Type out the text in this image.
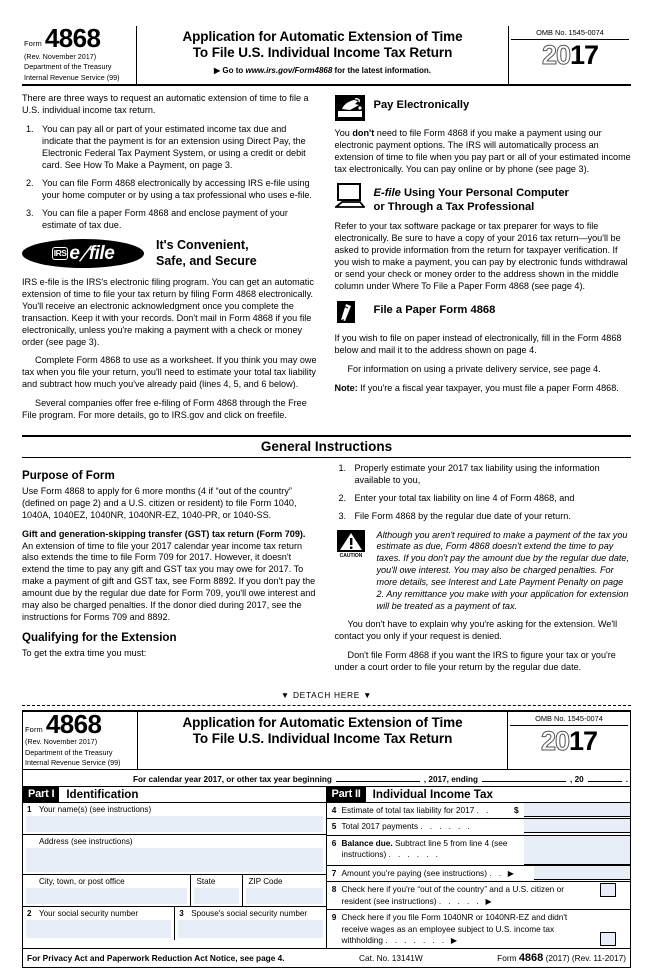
Form 4868
(Rev. November 2017)
Department of the Treasury
Internal Revenue Service (99)
Application for Automatic Extension of Time
To File U.S. Individual Income Tax Return
▶ Go to www.irs.gov/Form4868 for the latest information.
OMB No. 1545-0074
2017

There are three ways to request an automatic extension of time to file a U.S. individual income tax return.

1. You can pay all or part of your estimated income tax due and indicate that the payment is for an extension using Direct Pay, the Electronic Federal Tax Payment System, or using a credit or debit card. See How To Make a Payment, on page 3.
2. You can file Form 4868 electronically by accessing IRS e-file using your home computer or by using a tax professional who uses e-file.
3. You can file a paper Form 4868 and enclose payment of your estimate of tax due.
IRS e ╱ file	It's Convenient,
Safe, and Secure

IRS e-file is the IRS's electronic filing program. You can get an automatic extension of time to file your tax return by filing Form 4868 electronically. You'll receive an electronic acknowledgment once you complete the transaction. Keep it with your records. Don't mail in Form 4868 if you file electronically, unless you're making a payment with a check or money order (see page 3).

Complete Form 4868 to use as a worksheet. If you think you may owe tax when you file your return, you'll need to estimate your total tax liability and subtract how much you've already paid (lines 4, 5, and 6 below).

Several companies offer free e-filing of Form 4868 through the Free File program. For more details, go to IRS.gov and click on freefile.

Pay Electronically

You don't need to file Form 4868 if you make a payment using our electronic payment options. The IRS will automatically process an extension of time to file when you pay part or all of your estimated income tax electronically. You can pay online or by phone (see page 3).

E-file Using Your Personal Computer
or Through a Tax Professional

Refer to your tax software package or tax preparer for ways to file electronically. Be sure to have a copy of your 2016 tax return—you'll be asked to provide information from the return for taxpayer verification. If you wish to make a payment, you can pay by electronic funds withdrawal or send your check or money order to the address shown in the middle column under Where To File a Paper Form 4868 (see page 4).

File a Paper Form 4868

If you wish to file on paper instead of electronically, fill in the Form 4868 below and mail it to the address shown on page 4.

For information on using a private delivery service, see page 4.

Note: If you're a fiscal year taxpayer, you must file a paper Form 4868.

General Instructions
Purpose of Form

Use Form 4868 to apply for 6 more months (4 if “out of the country” (defined on page 2) and a U.S. citizen or resident) to file Form 1040, 1040A, 1040EZ, 1040NR, 1040NR-EZ, 1040-PR, or 1040-SS.

Gift and generation-skipping transfer (GST) tax return (Form 709). An extension of time to file your 2017 calendar year income tax return also extends the time to file Form 709 for 2017. However, it doesn't extend the time to pay any gift and GST tax you may owe for 2017. To make a payment of gift and GST tax, see Form 8892. If you don't pay the amount due by the regular due date for Form 709, you'll owe interest and may also be charged penalties. If the donor died during 2017, see the instructions for Forms 709 and 8892.

Qualifying for the Extension

To get the extra time you must:

1. Properly estimate your 2017 tax liability using the information available to you,
2. Enter your total tax liability on line 4 of Form 4868, and
3. File Form 4868 by the regular due date of your return.
CAUTION
Although you aren't required to make a payment of the tax you estimate as due, Form 4868 doesn't extend the time to pay taxes. If you don't pay the amount due by the regular due date, you'll owe interest. You may also be charged penalties. For more details, see Interest and Late Payment Penalty on page 2. Any remittance you make with your application for extension will be treated as a payment of tax.

You don't have to explain why you're asking for the extension. We'll contact you only if your request is denied.

Don't file Form 4868 if you want the IRS to figure your tax or you're under a court order to file your return by the regular due date.

▼ DETACH HERE ▼
Form 4868
(Rev. November 2017)
Department of the Treasury
Internal Revenue Service (99)
Application for Automatic Extension of Time
To File U.S. Individual Income Tax Return
OMB No. 1545-0074
2017
For calendar year 2017, or other tax year beginning	, 2017, ending	, 20	.
Part I	Identification
1 Your name(s) (see instructions)
Address (see instructions)
City, town, or post office	State	ZIP Code
2 Your social security number	3 Spouse's social security number
Part II	Individual Income Tax
4 Estimate of total tax liability for 2017 . .	$
5 Total 2017 payments . . . . . .
6 Balance due. Subtract line 5 from line 4 (see instructions) . . . . . .
7 Amount you're paying (see instructions) . . ▶
8 Check here if you're “out of the country” and a U.S. citizen or resident (see instructions) . . . . . ▶
9 Check here if you file Form 1040NR or 1040NR-EZ and didn't receive wages as an employee subject to U.S. income tax withholding . . . . . . . ▶
For Privacy Act and Paperwork Reduction Act Notice, see page 4.	Cat. No. 13141W	Form 4868 (2017) (Rev. 11-2017)
